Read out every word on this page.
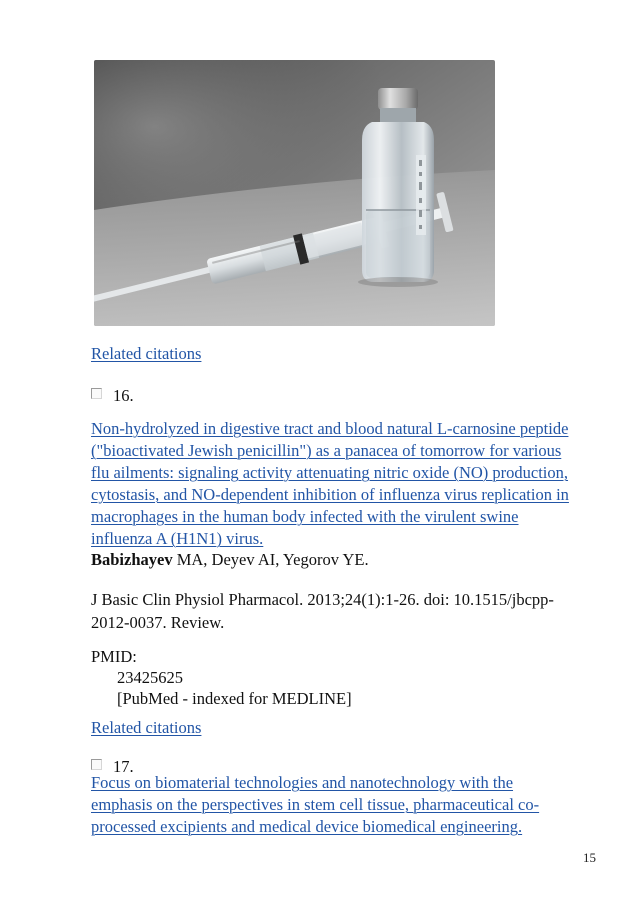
Related citations
16.
Non-hydrolyzed in digestive tract and blood natural L-carnosine peptide
("bioactivated Jewish penicillin") as a panacea of tomorrow for various
flu ailments: signaling activity attenuating nitric oxide (NO) production,
cytostasis, and NO-dependent inhibition of influenza virus replication in
macrophages in the human body infected with the virulent swine
influenza A (H1N1) virus.
Babizhayev MA, Deyev AI, Yegorov YE.
J Basic Clin Physiol Pharmacol. 2013;24(1):1-26. doi: 10.1515/jbcpp-
2012-0037. Review.
PMID:
23425625
[PubMed - indexed for MEDLINE]
Related citations
17.
Focus on biomaterial technologies and nanotechnology with the
emphasis on the perspectives in stem cell tissue, pharmaceutical co-
processed excipients and medical device biomedical engineering.
15
